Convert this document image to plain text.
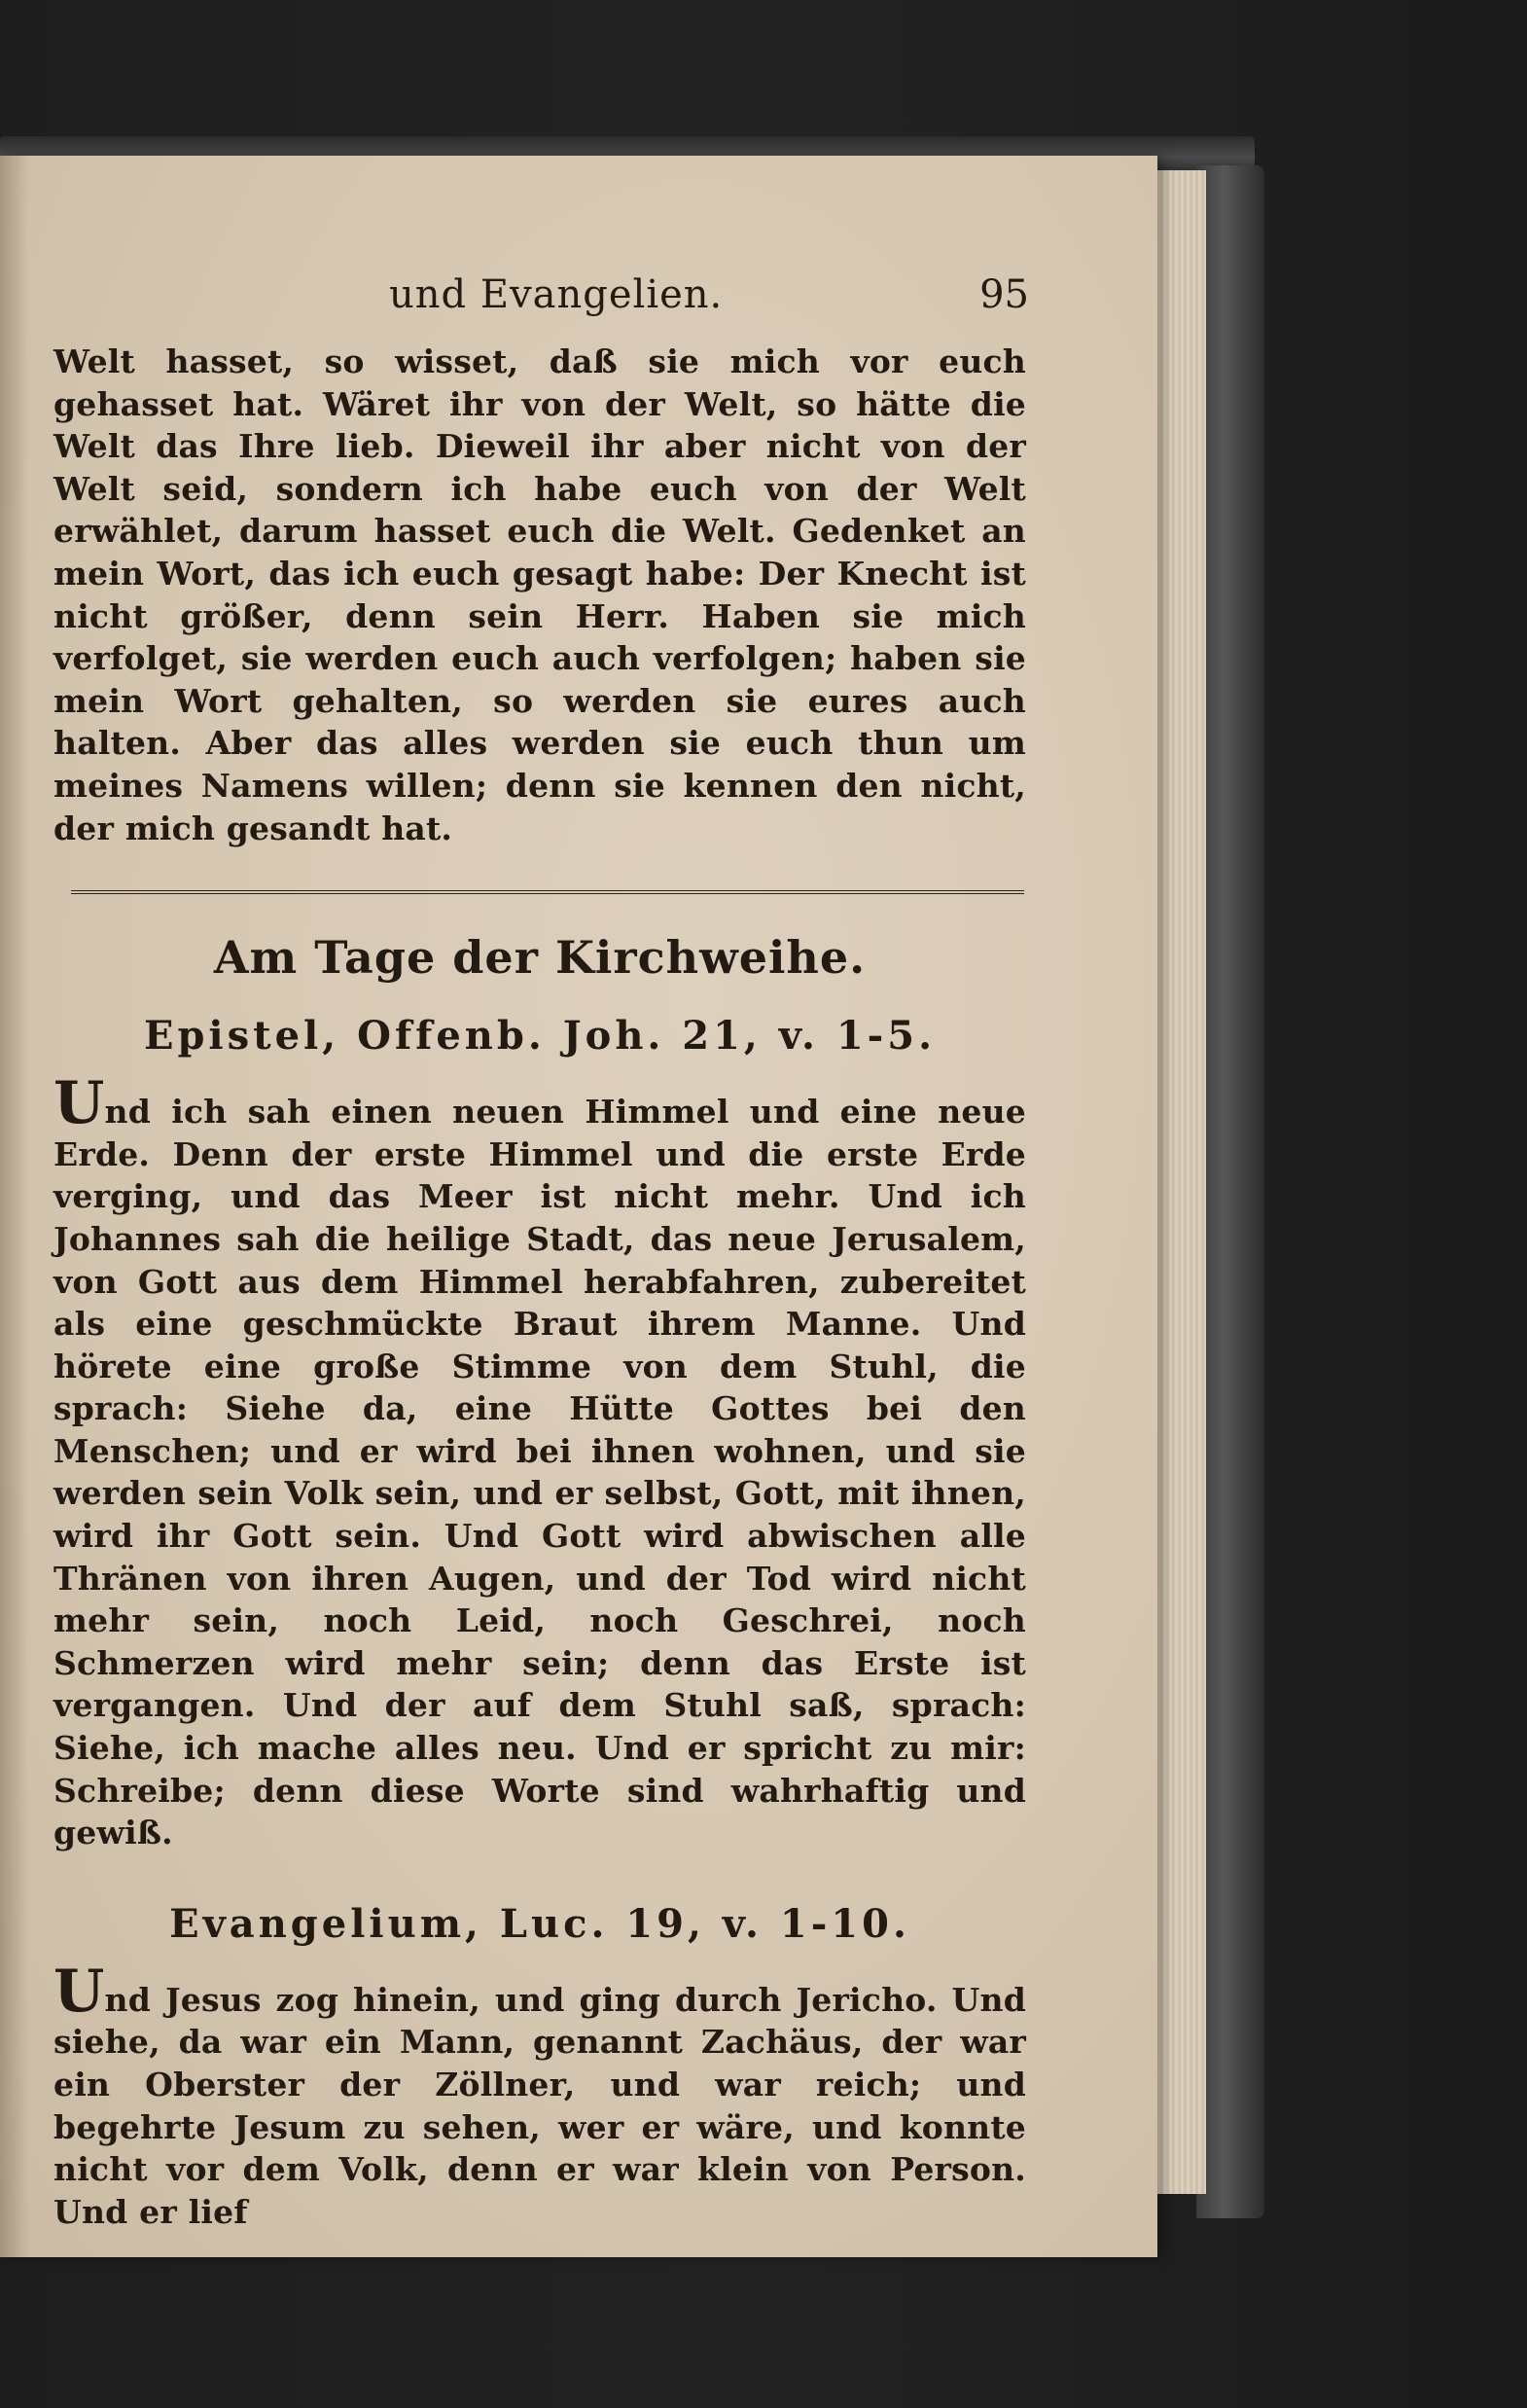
und Evangelien.	95

Welt hasset, so wisset, daß sie mich vor euch gehasset hat. Wäret ihr von der Welt, so hätte die Welt das Ihre lieb. Dieweil ihr aber nicht von der Welt seid, sondern ich habe euch von der Welt erwählet, darum hasset euch die Welt. Gedenket an mein Wort, das ich euch gesagt habe: Der Knecht ist nicht größer, denn sein Herr. Haben sie mich verfolget, sie werden euch auch verfolgen; haben sie mein Wort gehalten, so werden sie eures auch halten. Aber das alles werden sie euch thun um meines Namens willen; denn sie kennen den nicht, der mich gesandt hat.

Am Tage der Kirchweihe.
Epistel, Offenb. Joh. 21, v. 1-5.

Und ich sah einen neuen Himmel und eine neue Erde. Denn der erste Himmel und die erste Erde verging, und das Meer ist nicht mehr. Und ich Johannes sah die heilige Stadt, das neue Jerusalem, von Gott aus dem Himmel herabfahren, zubereitet als eine geschmückte Braut ihrem Manne. Und hörete eine große Stimme von dem Stuhl, die sprach: Siehe da, eine Hütte Gottes bei den Menschen; und er wird bei ihnen wohnen, und sie werden sein Volk sein, und er selbst, Gott, mit ihnen, wird ihr Gott sein. Und Gott wird abwischen alle Thränen von ihren Augen, und der Tod wird nicht mehr sein, noch Leid, noch Geschrei, noch Schmerzen wird mehr sein; denn das Erste ist vergangen. Und der auf dem Stuhl saß, sprach: Siehe, ich mache alles neu. Und er spricht zu mir: Schreibe; denn diese Worte sind wahrhaftig und gewiß.

Evangelium, Luc. 19, v. 1-10.

Und Jesus zog hinein, und ging durch Jericho. Und siehe, da war ein Mann, genannt Zachäus, der war ein Oberster der Zöllner, und war reich; und begehrte Jesum zu sehen, wer er wäre, und konnte nicht vor dem Volk, denn er war klein von Person. Und er lief
